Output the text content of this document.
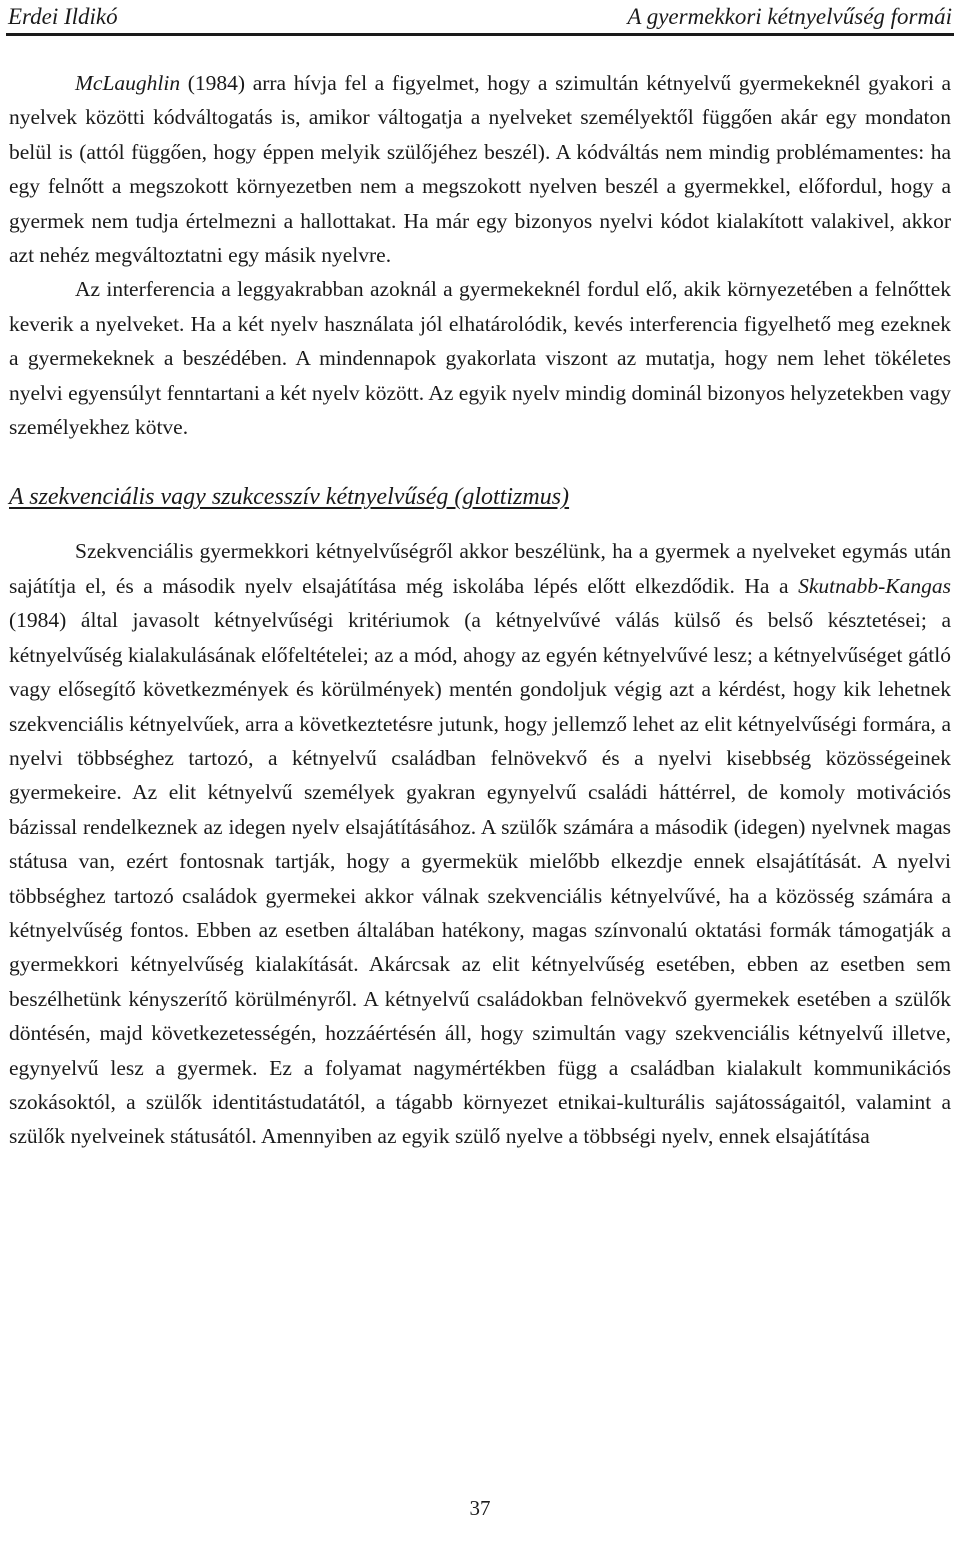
Erdei Ildikó	A gyermekkori kétnyelvűség formái

McLaughlin (1984) arra hívja fel a figyelmet, hogy a szimultán kétnyelvű gyermekeknél gyakori a nyelvek közötti kódváltogatás is, amikor váltogatja a nyelveket személyektől függően akár egy mondaton belül is (attól függően, hogy éppen melyik szülőjéhez beszél). A kódváltás nem mindig problémamentes: ha egy felnőtt a megszokott környezetben nem a megszokott nyelven beszél a gyermekkel, előfordul, hogy a gyermek nem tudja értelmezni a hallottakat. Ha már egy bizonyos nyelvi kódot kialakított valakivel, akkor azt nehéz megváltoztatni egy másik nyelvre.

Az interferencia a leggyakrabban azoknál a gyermekeknél fordul elő, akik környezetében a felnőttek keverik a nyelveket. Ha a két nyelv használata jól elhatárolódik, kevés interferencia figyelhető meg ezeknek a gyermekeknek a beszédében. A mindennapok gyakorlata viszont az mutatja, hogy nem lehet tökéletes nyelvi egyensúlyt fenntartani a két nyelv között. Az egyik nyelv mindig dominál bizonyos helyzetekben vagy személyekhez kötve.

A szekvenciális vagy szukcesszív kétnyelvűség (glottizmus)

Szekvenciális gyermekkori kétnyelvűségről akkor beszélünk, ha a gyermek a nyelveket egymás után sajátítja el, és a második nyelv elsajátítása még iskolába lépés előtt elkezdődik. Ha a Skutnabb-Kangas (1984) által javasolt kétnyelvűségi kritériumok (a kétnyelvűvé válás külső és belső késztetései; a kétnyelvűség kialakulásának előfeltételei; az a mód, ahogy az egyén kétnyelvűvé lesz; a kétnyelvűséget gátló vagy elősegítő következmények és körülmények) mentén gondoljuk végig azt a kérdést, hogy kik lehetnek szekvenciális kétnyelvűek, arra a következtetésre jutunk, hogy jellemző lehet az elit kétnyelvűségi formára, a nyelvi többséghez tartozó, a kétnyelvű családban felnövekvő és a nyelvi kisebbség közösségeinek gyermekeire. Az elit kétnyelvű személyek gyakran egynyelvű családi háttérrel, de komoly motivációs bázissal rendelkeznek az idegen nyelv elsajátításához. A szülők számára a második (idegen) nyelvnek magas státusa van, ezért fontosnak tartják, hogy a gyermekük mielőbb elkezdje ennek elsajátítását. A nyelvi többséghez tartozó családok gyermekei akkor válnak szekvenciális kétnyelvűvé, ha a közösség számára a kétnyelvűség fontos. Ebben az esetben általában hatékony, magas színvonalú oktatási formák támogatják a gyermekkori kétnyelvűség kialakítását. Akárcsak az elit kétnyelvűség esetében, ebben az esetben sem beszélhetünk kényszerítő körülményről. A kétnyelvű családokban felnövekvő gyermekek esetében a szülők döntésén, majd következetességén, hozzáértésén áll, hogy szimultán vagy szekvenciális kétnyelvű illetve, egynyelvű lesz a gyermek. Ez a folyamat nagymértékben függ a családban kialakult kommunikációs szokásoktól, a szülők identitástudatától, a tágabb környezet etnikai-kulturális sajátosságaitól, valamint a szülők nyelveinek státusától. Amennyiben az egyik szülő nyelve a többségi nyelv, ennek elsajátítása

37
